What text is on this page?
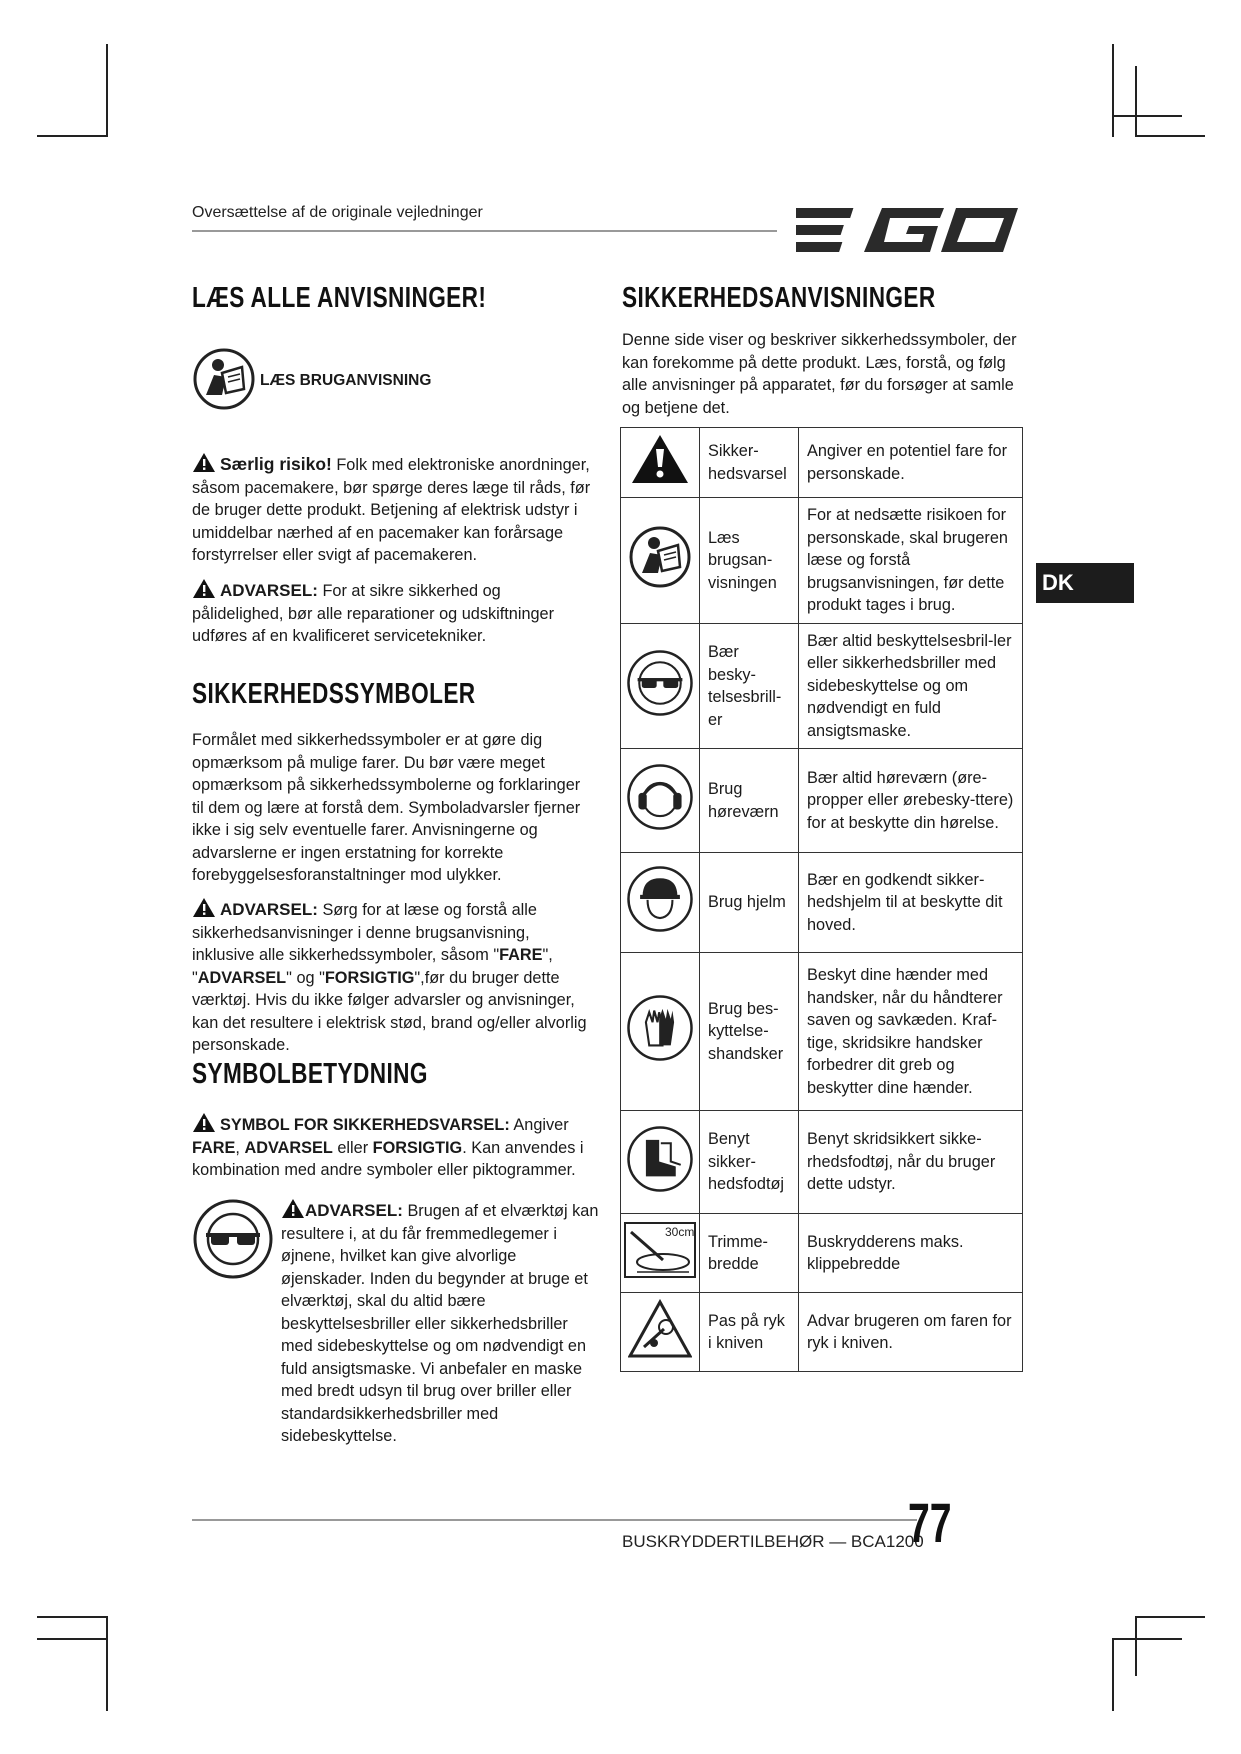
Oversættelse af de originale vejledninger
LÆS ALLE ANVISNINGER!
LÆS BRUGANVISNING
Særlig risiko! Folk med elektroniske anordninger, såsom pacemakere, bør spørge deres læge til råds, før de bruger dette produkt. Betjening af elektrisk udstyr i umiddelbar nærhed af en pacemaker kan forårsage forstyrrelser eller svigt af pacemakeren.
ADVARSEL: For at sikre sikkerhed og pålidelighed, bør alle reparationer og udskiftninger udføres af en kvalificeret servicetekniker.
SIKKERHEDSSYMBOLER
Formålet med sikkerhedssymboler er at gøre dig opmærksom på mulige farer. Du bør være meget opmærksom på sikkerhedssymbolerne og forklaringer til dem og lære at forstå dem. Symboladvarsler fjerner ikke i sig selv eventuelle farer. Anvisningerne og advarslerne er ingen erstatning for korrekte forebyggelsesforanstaltninger mod ulykker.
ADVARSEL: Sørg for at læse og forstå alle sikkerhedsanvisninger i denne brugsanvisning, inklusive alle sikkerhedssymboler, såsom "FARE", "ADVARSEL" og "FORSIGTIG",før du bruger dette værktøj. Hvis du ikke følger advarsler og anvisninger, kan det resultere i elektrisk stød, brand og/eller alvorlig personskade.
SYMBOLBETYDNING
SYMBOL FOR SIKKERHEDSVARSEL: Angiver FARE, ADVARSEL eller FORSIGTIG. Kan anvendes i kombination med andre symboler eller piktogrammer.
ADVARSEL: Brugen af et elværktøj kan resultere i, at du får fremmedlegemer i øjnene, hvilket kan give alvorlige øjenskader. Inden du begynder at bruge et elværktøj, skal du altid bære beskyttelsesbriller eller sikkerhedsbriller med sidebeskyttelse og om nødvendigt en fuld ansigtsmaske. Vi anbefaler en maske med bredt udsyn til brug over briller eller standardsikkerhedsbriller med sidebeskyttelse.
SIKKERHEDSANVISNINGER
Denne side viser og beskriver sikkerhedssymboler, der kan forekomme på dette produkt. Læs, forstå, og følg alle anvisninger på apparatet, før du forsøger at samle og betjene det.
	Sikker-
hedsvarsel	Angiver en potentiel fare for personskade.
	Læs
brugsan-
visningen	For at nedsætte risikoen for personskade, skal brugeren læse og forstå brugsanvisningen, før dette produkt tages i brug.
	Bær
besky-
telsesbrill-
er	Bær altid beskyttelsesbril-ler eller sikkerhedsbriller med sidebeskyttelse og om nødvendigt en fuld ansigtsmaske.
	Brug
høreværn	Bær altid høreværn (øre-propper eller ørebesky-ttere) for at beskytte din hørelse.
	Brug hjelm	Bær en godkendt sikker-hedshjelm til at beskytte dit hoved.
	Brug bes-
kyttelse-
shandsker	Beskyt dine hænder med handsker, når du håndterer saven og savkæden. Kraf-tige, skridsikre handsker forbedrer dit greb og beskytter dine hænder.
	Benyt
sikker-
hedsfodtøj	Benyt skridsikkert sikke-rhedsfodtøj, når du bruger dette udstyr.

30cm	Trimme-
bredde	Buskrydderens maks. klippebredde
	Pas på ryk
i kniven	Advar brugeren om faren for ryk i kniven.
DK
BUSKRYDDERTILBEHØR — BCA1200
77
